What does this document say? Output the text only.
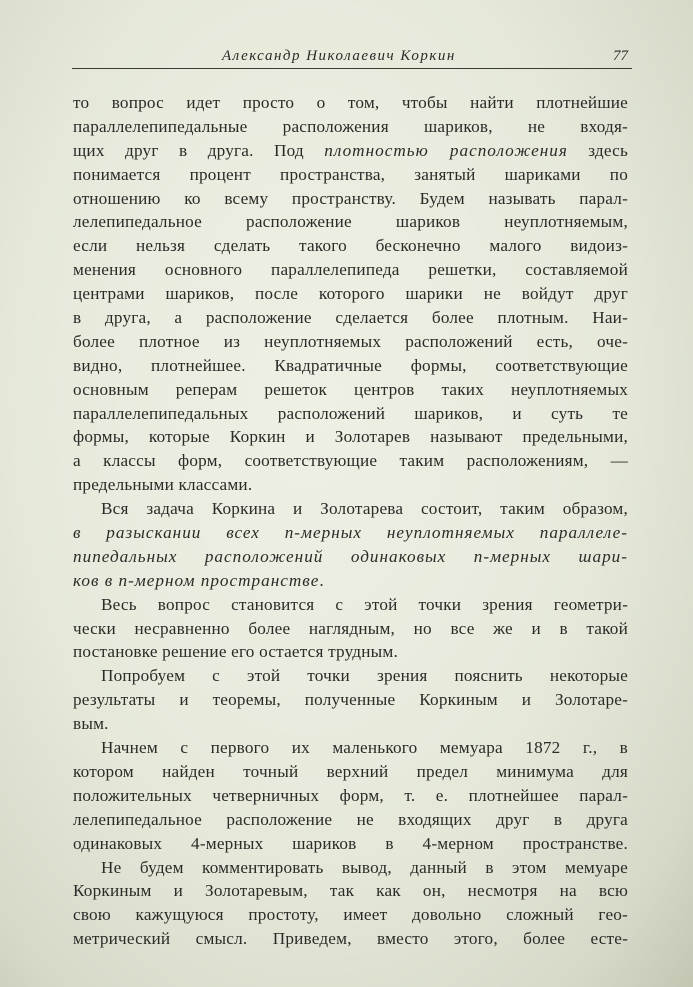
Александр Николаевич Коркин	77
то вопрос идет просто о том, чтобы найти плотнейшие
параллелепипедальные расположения шариков, не входя-
щих друг в друга. Под плотностью расположения здесь
понимается процент пространства, занятый шариками по
отношению ко всему пространству. Будем называть парал-
лелепипедальное расположение шариков неуплотняемым,
если нельзя сделать такого бесконечно малого видоиз-
менения основного параллелепипеда решетки, составляемой
центрами шариков, после которого шарики не войдут друг
в друга, а расположение сделается более плотным. Наи-
более плотное из неуплотняемых расположений есть, оче-
видно, плотнейшее. Квадратичные формы, соответствующие
основным реперам решеток центров таких неуплотняемых
параллелепипедальных расположений шариков, и суть те
формы, которые Коркин и Золотарев называют предельными,
а классы форм, соответствующие таким расположениям, —
предельными классами.
Вся задача Коркина и Золотарева состоит, таким образом,
в разыскании всех n-мерных неуплотняемых параллеле-
пипедальных расположений одинаковых n-мерных шари-
ков в n-мерном пространстве.
Весь вопрос становится с этой точки зрения геометри-
чески несравненно более наглядным, но все же и в такой
постановке решение его остается трудным.
Попробуем с этой точки зрения пояснить некоторые
результаты и теоремы, полученные Коркиным и Золотаре-
вым.
Начнем с первого их маленького мемуара 1872 г., в
котором найден точный верхний предел минимума для
положительных четверничных форм, т. е. плотнейшее парал-
лелепипедальное расположение не входящих друг в друга
одинаковых 4-мерных шариков в 4-мерном пространстве.
Не будем комментировать вывод, данный в этом мемуаре
Коркиным и Золотаревым, так как он, несмотря на всю
свою кажущуюся простоту, имеет довольно сложный гео-
метрический смысл. Приведем, вместо этого, более есте-
